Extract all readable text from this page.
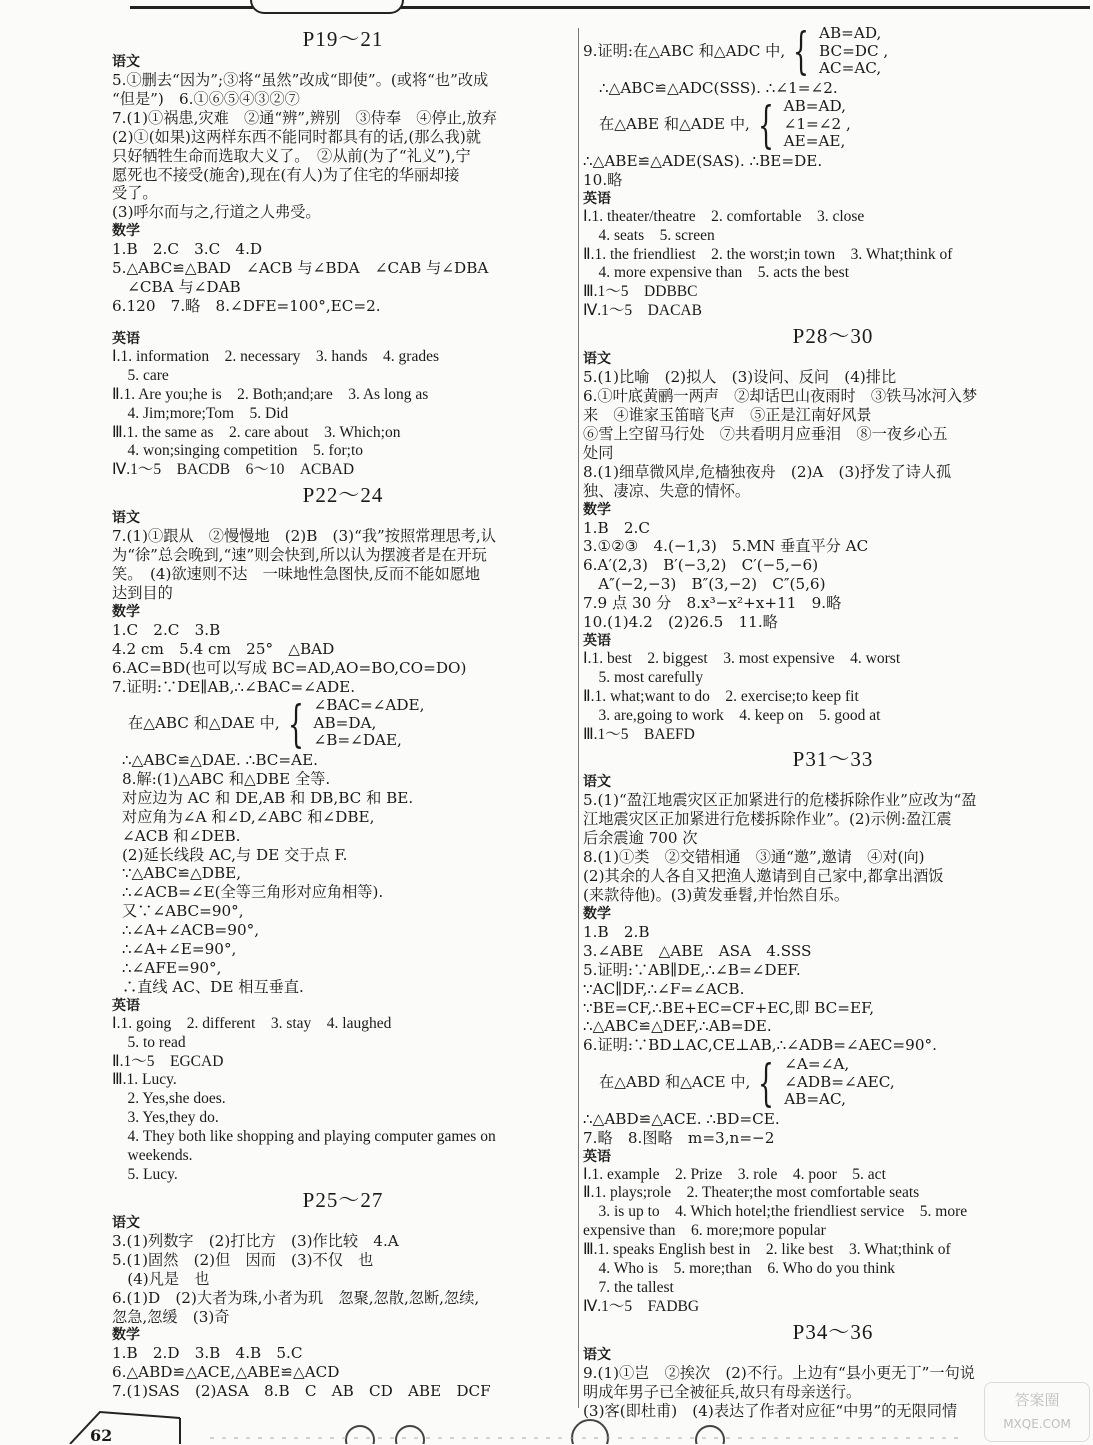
P19～21
语文
5.①删去“因为”;③将“虽然”改成“即使”。(或将“也”改成
“但是”)　6.①⑥⑤④③②⑦
7.(1)①祸患,灾难　②通“辨”,辨别　③侍奉　④停止,放弃
(2)①(如果)这两样东西不能同时都具有的话,(那么我)就
只好牺牲生命而选取大义了。　②从前(为了“礼义”),宁
愿死也不接受(施舍),现在(有人)为了住宅的华丽却接
受了。
(3)呼尔而与之,行道之人弗受。
数学
1.B　2.C　3.C　4.D
5.△ABC≌△BAD　∠ACB 与∠BDA　∠CAB 与∠DBA
　∠CBA 与∠DAB
6.120　7.略　8.∠DFE=100°,EC=2.
英语
Ⅰ.1. information　2. necessary　3. hands　4. grades
　5. care
Ⅱ.1. Are you;he is　2. Both;and;are　3. As long as
　4. Jim;more;Tom　5. Did
Ⅲ.1. the same as　2. care about　3. Which;on
　4. won;singing competition　5. for;to
Ⅳ.1～5　BACDB　6～10　ACBAD
P22～24
语文
7.(1)①跟从　②慢慢地　(2)B　(3)“我”按照常理思考,认
为“徐”总会晚到,“速”则会快到,所以认为摆渡者是在开玩
笑。　(4)欲速则不达　一味地性急图快,反而不能如愿地
达到目的
数学
1.C　2.C　3.B
4.2 cm　5.4 cm　25°　△BAD
6.AC=BD(也可以写成 BC=AD,AO=BO,CO=DO)
7.证明:∵DE∥AB,∴∠BAC=∠ADE.
在△ABC 和△DAE 中, { ∠BAC=∠ADE,
AB=DA,
∠B=∠DAE,
∴△ABC≌△DAE. ∴BC=AE.
8.解:(1)△ABC 和△DBE 全等.
对应边为 AC 和 DE,AB 和 DB,BC 和 BE.
对应角为∠A 和∠D,∠ABC 和∠DBE,
∠ACB 和∠DEB.
(2)延长线段 AC,与 DE 交于点 F.
∵△ABC≌△DBE,
∴∠ACB=∠E(全等三角形对应角相等).
又∵∠ABC=90°,
∴∠A+∠ACB=90°,
∴∠A+∠E=90°,
∴∠AFE=90°,
∴直线 AC、DE 相互垂直.
英语
Ⅰ.1. going　2. different　3. stay　4. laughed
　5. to read
Ⅱ.1～5　EGCAD
Ⅲ.1. Lucy.
　2. Yes,she does.
　3. Yes,they do.
　4. They both like shopping and playing computer games on
　weekends.
　5. Lucy.
P25～27
语文
3.(1)列数字　(2)打比方　(3)作比较　4.A
5.(1)固然　(2)但　因而　(3)不仅　也
　(4)凡是　也
6.(1)D　(2)大者为珠,小者为玑　忽聚,忽散,忽断,忽续,
忽急,忽缓　(3)奇
数学
1.B　2.D　3.B　4.B　5.C
6.△ABD≌△ACE,△ABE≌△ACD
7.(1)SAS　(2)ASA　8.B　C　AB　CD　ABE　DCF
9.证明:在△ABC 和△ADC 中, { AB=AD,
BC=DC ,
AC=AC,
∴△ABC≌△ADC(SSS). ∴∠1=∠2.
在△ABE 和△ADE 中, { AB=AD,
∠1=∠2 ,
AE=AE,
∴△ABE≌△ADE(SAS). ∴BE=DE.
10.略
英语
Ⅰ.1. theater/theatre　2. comfortable　3. close
　4. seats　5. screen
Ⅱ.1. the friendliest　2. the worst;in town　3. What;think of
　4. more expensive than　5. acts the best
Ⅲ.1～5　DDBBC
Ⅳ.1～5　DACAB
P28～30
语文
5.(1)比喻　(2)拟人　(3)设问、反问　(4)排比
6.①叶底黄鹂一两声　②却话巴山夜雨时　③铁马冰河入梦
来　④谁家玉笛暗飞声　⑤正是江南好风景
⑥雪上空留马行处　⑦共看明月应垂泪　⑧一夜乡心五
处同
8.(1)细草微风岸,危樯独夜舟　(2)A　(3)抒发了诗人孤
独、凄凉、失意的情怀。
数学
1.B　2.C
3.①②③　4.(−1,3)　5.MN 垂直平分 AC
6.A′(2,3)　B′(−3,2)　C′(−5,−6)
　A″(−2,−3)　B″(3,−2)　C″(5,6)
7.9 点 30 分　8.x³−x²+x+11　9.略
10.(1)4.2　(2)26.5　11.略
英语
Ⅰ.1. best　2. biggest　3. most expensive　4. worst
　5. most carefully
Ⅱ.1. what;want to do　2. exercise;to keep fit
　3. are,going to work　4. keep on　5. good at
Ⅲ.1～5　BAEFD
P31～33
语文
5.(1)“盈江地震灾区正加紧进行的危楼拆除作业”应改为“盈
江地震灾区正加紧进行危楼拆除作业”。(2)示例:盈江震
后余震逾 700 次
8.(1)①类　②交错相通　③通“邀”,邀请　④对(向)
(2)其余的人各自又把渔人邀请到自己家中,都拿出酒饭
(来款待他)。(3)黄发垂髫,并怡然自乐。
数学
1.B　2.B
3.∠ABE　△ABE　ASA　4.SSS
5.证明:∵AB∥DE,∴∠B=∠DEF.
∵AC∥DF,∴∠F=∠ACB.
∵BE=CF,∴BE+EC=CF+EC,即 BC=EF,
∴△ABC≌△DEF,∴AB=DE.
6.证明:∵BD⊥AC,CE⊥AB,∴∠ADB=∠AEC=90°.
在△ABD 和△ACE 中, { ∠A=∠A,
∠ADB=∠AEC,
AB=AC,
∴△ABD≌△ACE. ∴BD=CE.
7.略　8.图略　m=3,n=−2
英语
Ⅰ.1. example　2. Prize　3. role　4. poor　5. act
Ⅱ.1. plays;role　2. Theater;the most comfortable seats
　3. is up to　4. Which hotel;the friendliest service　5. more
expensive than　6. more;more popular
Ⅲ.1. speaks English best in　2. like best　3. What;think of
　4. Who is　5. more;than　6. Who do you think
　7. the tallest
Ⅳ.1～5　FADBG
P34～36
语文
9.(1)①岂　②挨次　(2)不行。上边有“县小更无丁”一句说
明成年男子已全被征兵,故只有母亲送行。
(3)客(即杜甫)　(4)表达了作者对应征“中男”的无限同情
62
答案圈
MXQE.COM
